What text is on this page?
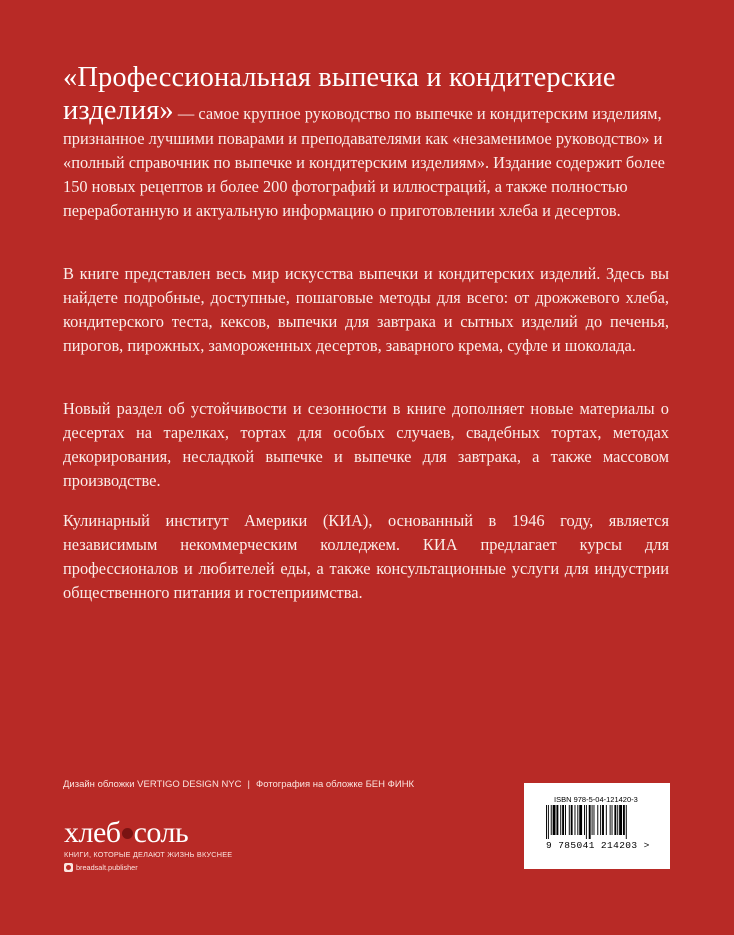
«Профессиональная выпечка и кондитерские изделия» — самое крупное руководство по выпечке и кондитерским изделиям, признанное лучшими поварами и преподавателями как «незаменимое руководство» и «полный справочник по выпечке и кондитерским изделиям». Издание содержит более 150 новых рецептов и более 200 фотографий и иллюстраций, а также полностью переработанную и актуальную информацию о приготовлении хлеба и десертов.

В книге представлен весь мир искусства выпечки и кондитерских изделий. Здесь вы найдете подробные, доступные, пошаговые методы для всего: от дрожжевого хлеба, кондитерского теста, кексов, выпечки для завтрака и сытных изделий до печенья, пирогов, пирожных, замороженных десертов, заварного крема, суфле и шоколада.

Новый раздел об устойчивости и сезонности в книге дополняет новые материалы о десертах на тарелках, тортах для особых случаев, свадебных тортах, методах декорирования, несладкой выпечке и выпечке для завтрака, а также массовом производстве.

Кулинарный институт Америки (КИА), основанный в 1946 году, является независимым некоммерческим колледжем. КИА предлагает курсы для профессионалов и любителей еды, а также консультационные услуги для индустрии общественного питания и гостеприимства.

Дизайн обложки VERTIGO DESIGN NYC | Фотография на обложке БЕН ФИНК
хлеб соль
КНИГИ, КОТОРЫЕ ДЕЛАЮТ ЖИЗНЬ ВКУСНЕЕ
breadsalt.publisher
ISBN 978-5-04-121420-3
9 785041 214203 >
